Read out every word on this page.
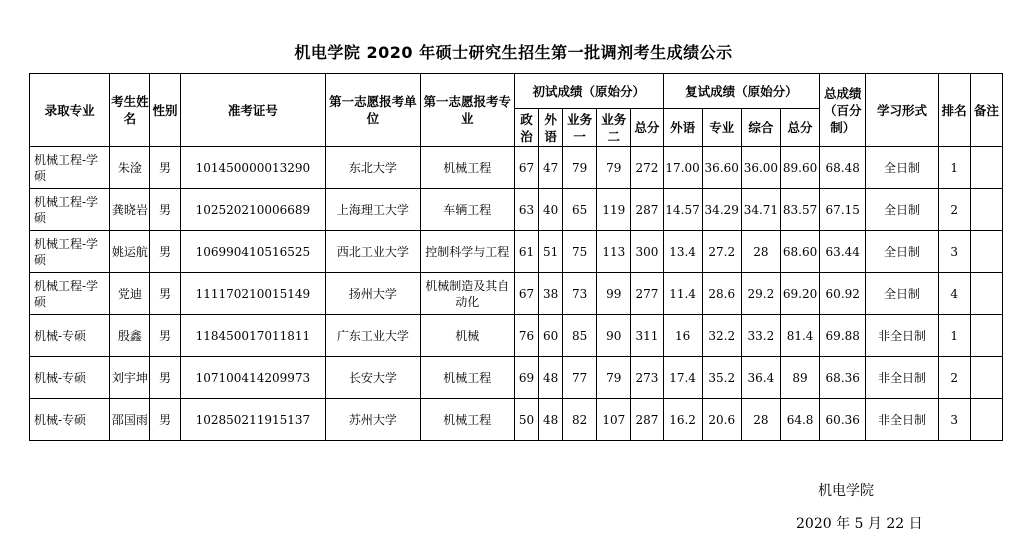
机电学院 2020 年硕士研究生招生第一批调剂考生成绩公示
录取专业	考生姓名	性别	准考证号	第一志愿报考单位	第一志愿报考专业	初试成绩（原始分）					复试成绩（原始分）				总成绩（百分制）	学习形式	排名	备注
						政治	外语	业务一	业务二	总分	外语	专业	综合	总分				
机械工程-学硕	朱淦	男	101450000013290	东北大学	机械工程	67	47	79	79	272	17.00	36.60	36.00	89.60	68.48	全日制	1	
机械工程-学硕	龚晓岩	男	102520210006689	上海理工大学	车辆工程	63	40	65	119	287	14.57	34.29	34.71	83.57	67.15	全日制	2	
机械工程-学硕	姚运航	男	106990410516525	西北工业大学	控制科学与工程	61	51	75	113	300	13.4	27.2	28	68.60	63.44	全日制	3	
机械工程-学硕	党迪	男	111170210015149	扬州大学	机械制造及其自动化	67	38	73	99	277	11.4	28.6	29.2	69.20	60.92	全日制	4	
机械-专硕	殷鑫	男	118450017011811	广东工业大学	机械	76	60	85	90	311	16	32.2	33.2	81.4	69.88	非全日制	1	
机械-专硕	刘宇坤	男	107100414209973	长安大学	机械工程	69	48	77	79	273	17.4	35.2	36.4	89	68.36	非全日制	2	
机械-专硕	邵国雨	男	102850211915137	苏州大学	机械工程	50	48	82	107	287	16.2	20.6	28	64.8	60.36	非全日制	3	
机电学院
2020 年 5 月 22 日
